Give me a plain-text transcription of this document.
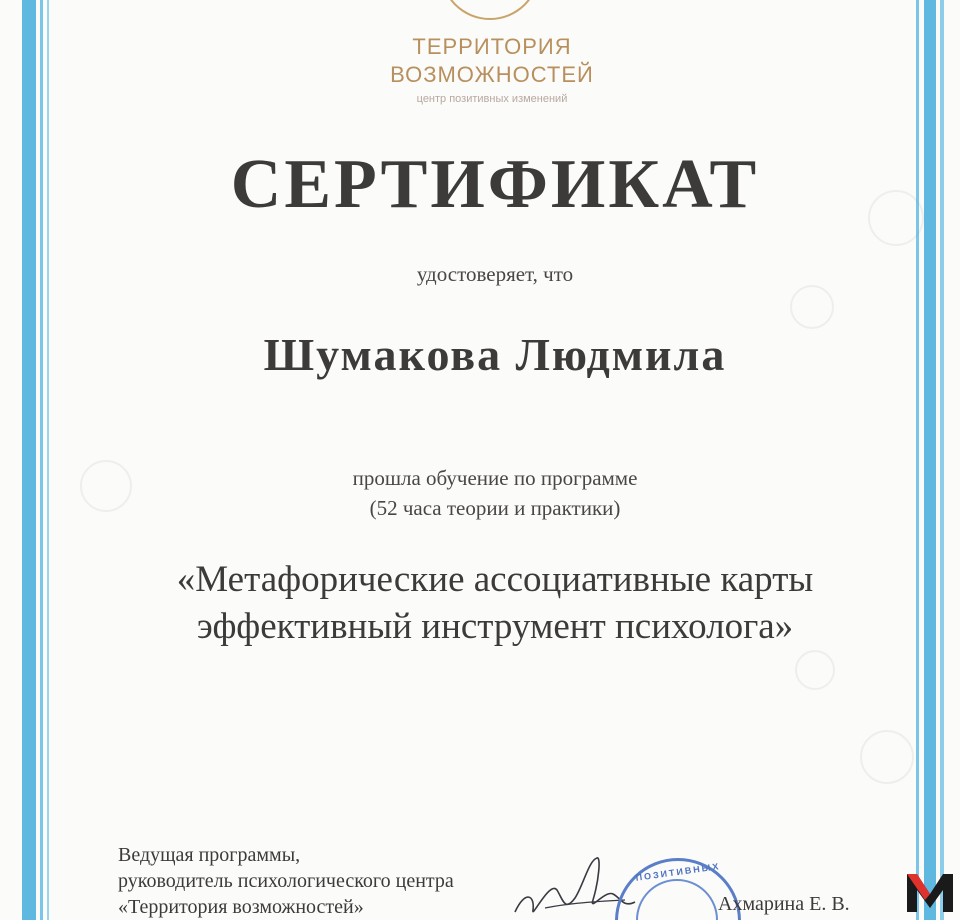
ТЕРРИТОРИЯ
ВОЗМОЖНОСТЕЙ
центр позитивных изменений
СЕРТИФИКАТ
удостоверяет, что
Шумакова Людмила
прошла обучение по программе
(52 часа теории и практики)
«Метафорические ассоциативные карты
эффективный инструмент психолога»
Ведущая программы,
руководитель психологического центра
«Территория возможностей»
ПОЗИТИВНЫХ
Ахмарина Е. В.
